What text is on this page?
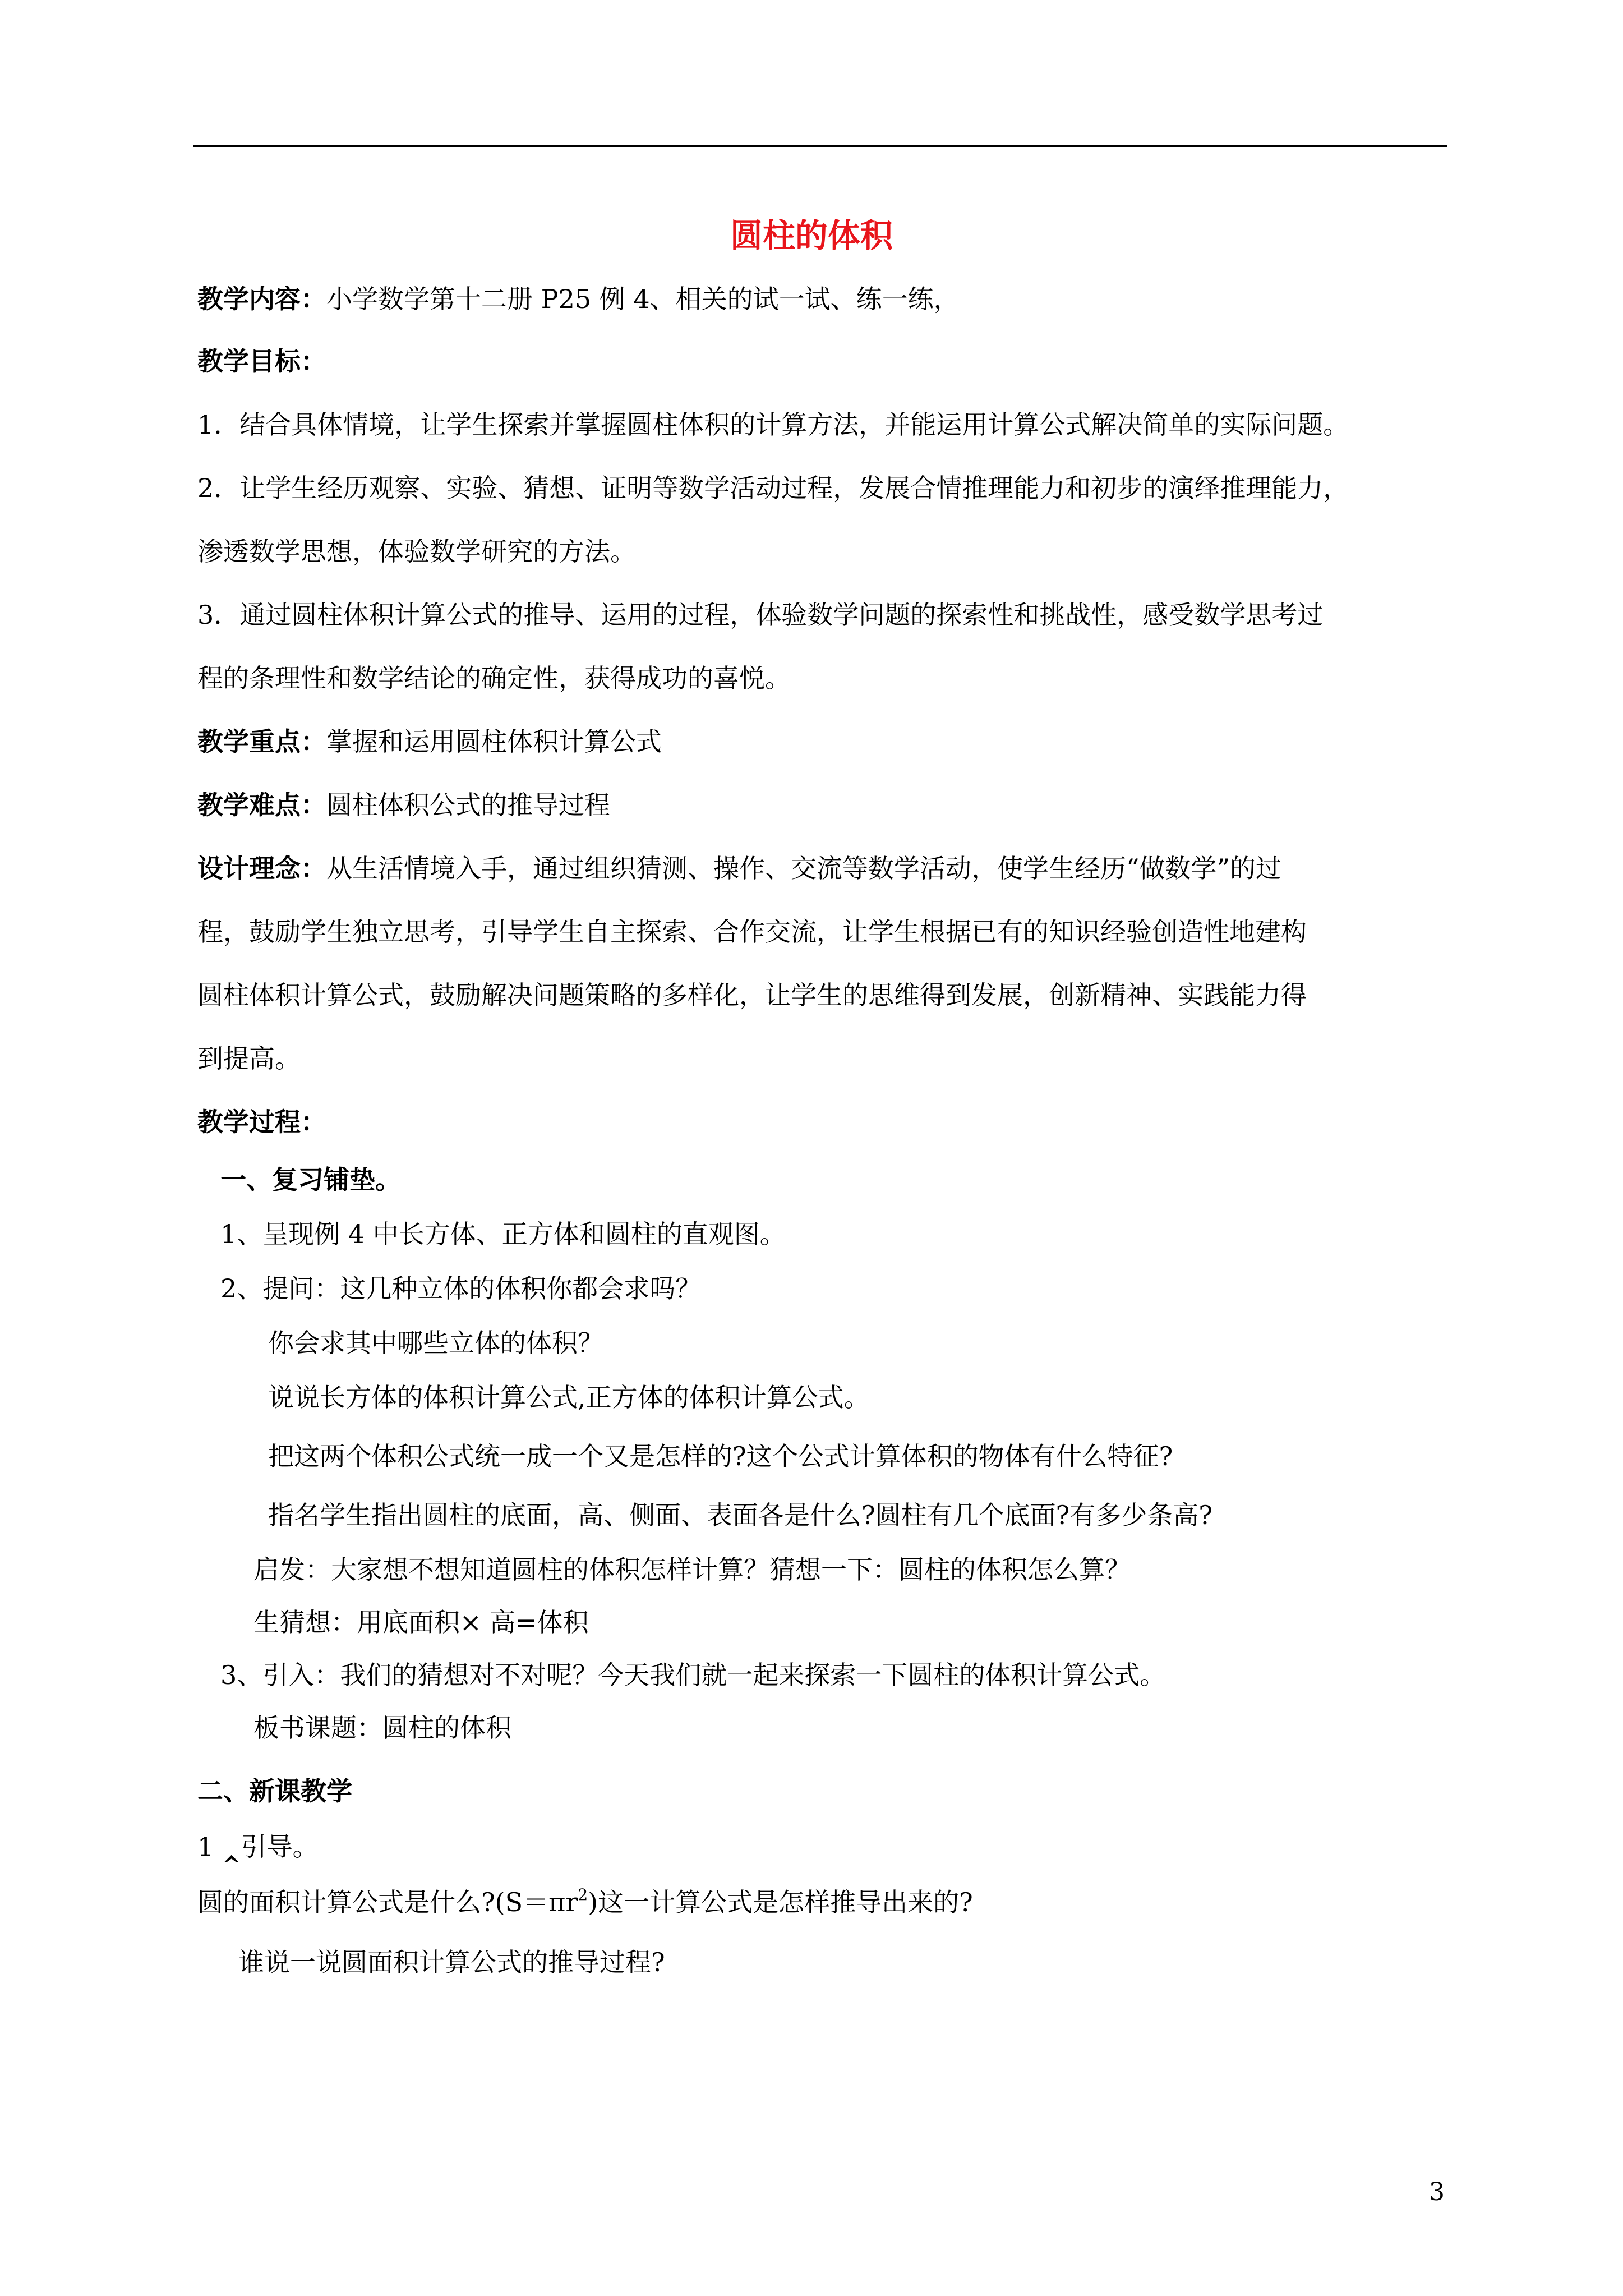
圆柱的体积
教学内容：小学数学第十二册 P25 例 4、相关的试一试、练一练，
教学目标：
1．结合具体情境，让学生探索并掌握圆柱体积的计算方法，并能运用计算公式解决简单的实际问题。
2．让学生经历观察、实验、猜想、证明等数学活动过程，发展合情推理能力和初步的演绎推理能力，
渗透数学思想，体验数学研究的方法。
3．通过圆柱体积计算公式的推导、运用的过程，体验数学问题的探索性和挑战性，感受数学思考过
程的条理性和数学结论的确定性，获得成功的喜悦。
教学重点：掌握和运用圆柱体积计算公式
教学难点：圆柱体积公式的推导过程
设计理念：从生活情境入手，通过组织猜测、操作、交流等数学活动，使学生经历“做数学”的过
程，鼓励学生独立思考，引导学生自主探索、合作交流，让学生根据已有的知识经验创造性地建构
圆柱体积计算公式，鼓励解决问题策略的多样化，让学生的思维得到发展，创新精神、实践能力得
到提高。
教学过程：
一、复习铺垫。
1、呈现例 4 中长方体、正方体和圆柱的直观图。
2、提问：这几种立体的体积你都会求吗？
你会求其中哪些立体的体积？
说说长方体的体积计算公式,正方体的体积计算公式。
把这两个体积公式统一成一个又是怎样的?这个公式计算体积的物体有什么特征?
指名学生指出圆柱的底面，高、侧面、表面各是什么?圆柱有几个底面?有多少条高?
启发：大家想不想知道圆柱的体积怎样计算？猜想一下：圆柱的体积怎么算？
生猜想：用底面积× 高=体积
3、引入：我们的猜想对不对呢？今天我们就一起来探索一下圆柱的体积计算公式。
板书课题：圆柱的体积
二、新课教学
1 ‸引导。
圆的面积计算公式是什么$?(S=\pi r^2)$这一计算公式是怎样推导出来的?
谁说一说圆面积计算公式的推导过程?
3
